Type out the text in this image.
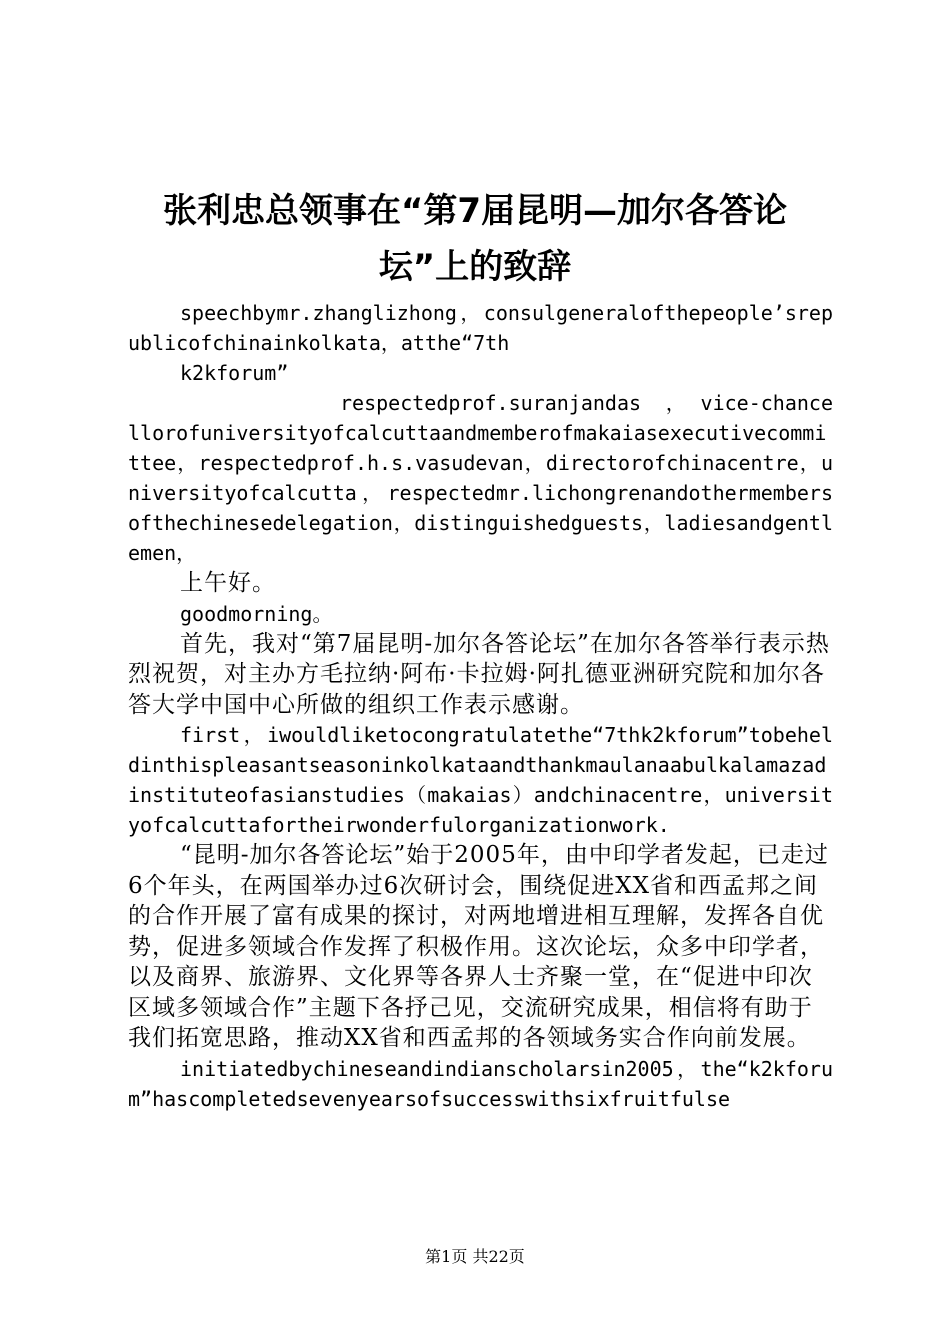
张利忠总领事在“第7届昆明—加尔各答论坛”上的致辞

speechbymr.zhanglizhong，consulgeneralofthepeople’srepublicofchinainkolkata，atthe“7th

k2kforum”

respectedprof.suranjandas　，　vice-chancellorofuniversityofcalcuttaandmemberofmakaiasexecutivecommittee，respectedprof.h.s.vasudevan，directorofchinacentre，universityofcalcutta，respectedmr.lichongrenandothermembersofthechinesedelegation，distinguishedguests，ladiesandgentlemen，

上午好。

goodmorning。

首先，我对“第7届昆明-加尔各答论坛”在加尔各答举行表示热烈祝贺，对主办方毛拉纳·阿布·卡拉姆·阿扎德亚洲研究院和加尔各答大学中国中心所做的组织工作表示感谢。

first，iwouldliketocongratulatethe“7thk2kforum”tobeheldinthispleasantseasoninkolkataandthankmaulanaabulkalamazadinstituteofasianstudies（makaias）andchinacentre，universityofcalcuttafortheirwonderfulorganizationwork.

“昆明-加尔各答论坛”始于2005年，由中印学者发起，已走过6个年头，在两国举办过6次研讨会，围绕促进XX省和西孟邦之间的合作开展了富有成果的探讨，对两地增进相互理解，发挥各自优势，促进多领域合作发挥了积极作用。这次论坛，众多中印学者，以及商界、旅游界、文化界等各界人士齐聚一堂，在“促进中印次区域多领域合作”主题下各抒己见，交流研究成果，相信将有助于我们拓宽思路，推动XX省和西孟邦的各领域务实合作向前发展。

initiatedbychineseandindianscholarsin2005，the“k2kforum”hascompletedsevenyearsofsuccesswithsixfruitfulse

第1页 共22页
